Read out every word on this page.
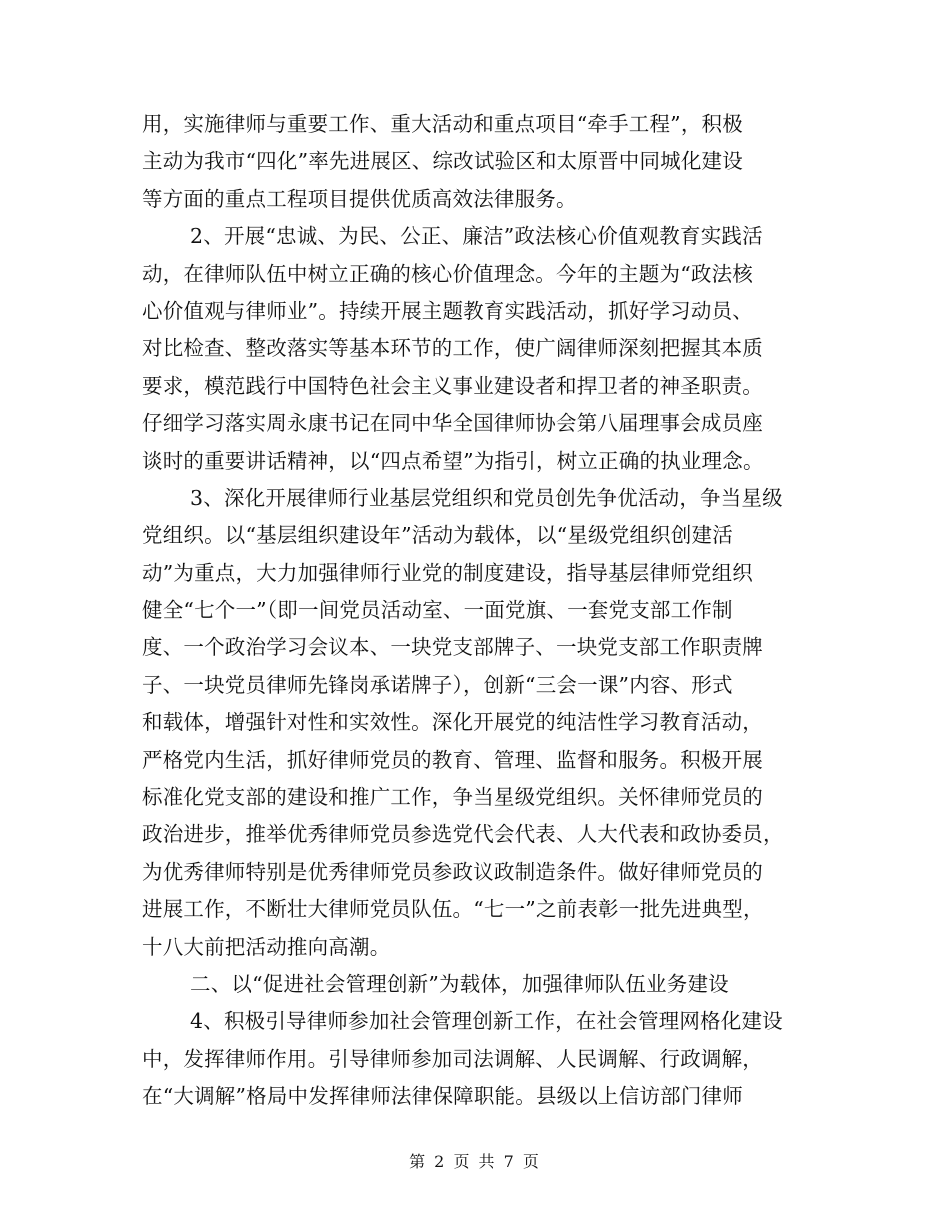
用，实施律师与重要工作、重大活动和重点项目“牵手工程”，积极
主动为我市“四化”率先进展区、综改试验区和太原晋中同城化建设
等方面的重点工程项目提供优质高效法律服务。
2、开展“忠诚、为民、公正、廉洁”政法核心价值观教育实践活
动，在律师队伍中树立正确的核心价值理念。今年的主题为“政法核
心价值观与律师业”。持续开展主题教育实践活动，抓好学习动员、
对比检查、整改落实等基本环节的工作，使广阔律师深刻把握其本质
要求，模范践行中国特色社会主义事业建设者和捍卫者的神圣职责。
仔细学习落实周永康书记在同中华全国律师协会第八届理事会成员座
谈时的重要讲话精神，以“四点希望”为指引，树立正确的执业理念。
3、深化开展律师行业基层党组织和党员创先争优活动，争当星级
党组织。以“基层组织建设年”活动为载体，以“星级党组织创建活
动”为重点，大力加强律师行业党的制度建设，指导基层律师党组织
健全“七个一”（即一间党员活动室、一面党旗、一套党支部工作制
度、一个政治学习会议本、一块党支部牌子、一块党支部工作职责牌
子、一块党员律师先锋岗承诺牌子），创新“三会一课”内容、形式
和载体，增强针对性和实效性。深化开展党的纯洁性学习教育活动，
严格党内生活，抓好律师党员的教育、管理、监督和服务。积极开展
标准化党支部的建设和推广工作，争当星级党组织。关怀律师党员的
政治进步，推举优秀律师党员参选党代会代表、人大代表和政协委员，
为优秀律师特别是优秀律师党员参政议政制造条件。做好律师党员的
进展工作，不断壮大律师党员队伍。“七一”之前表彰一批先进典型，
十八大前把活动推向高潮。
二、以“促进社会管理创新”为载体，加强律师队伍业务建设
4、积极引导律师参加社会管理创新工作，在社会管理网格化建设
中，发挥律师作用。引导律师参加司法调解、人民调解、行政调解，
在“大调解”格局中发挥律师法律保障职能。县级以上信访部门律师
第 2 页 共 7 页
